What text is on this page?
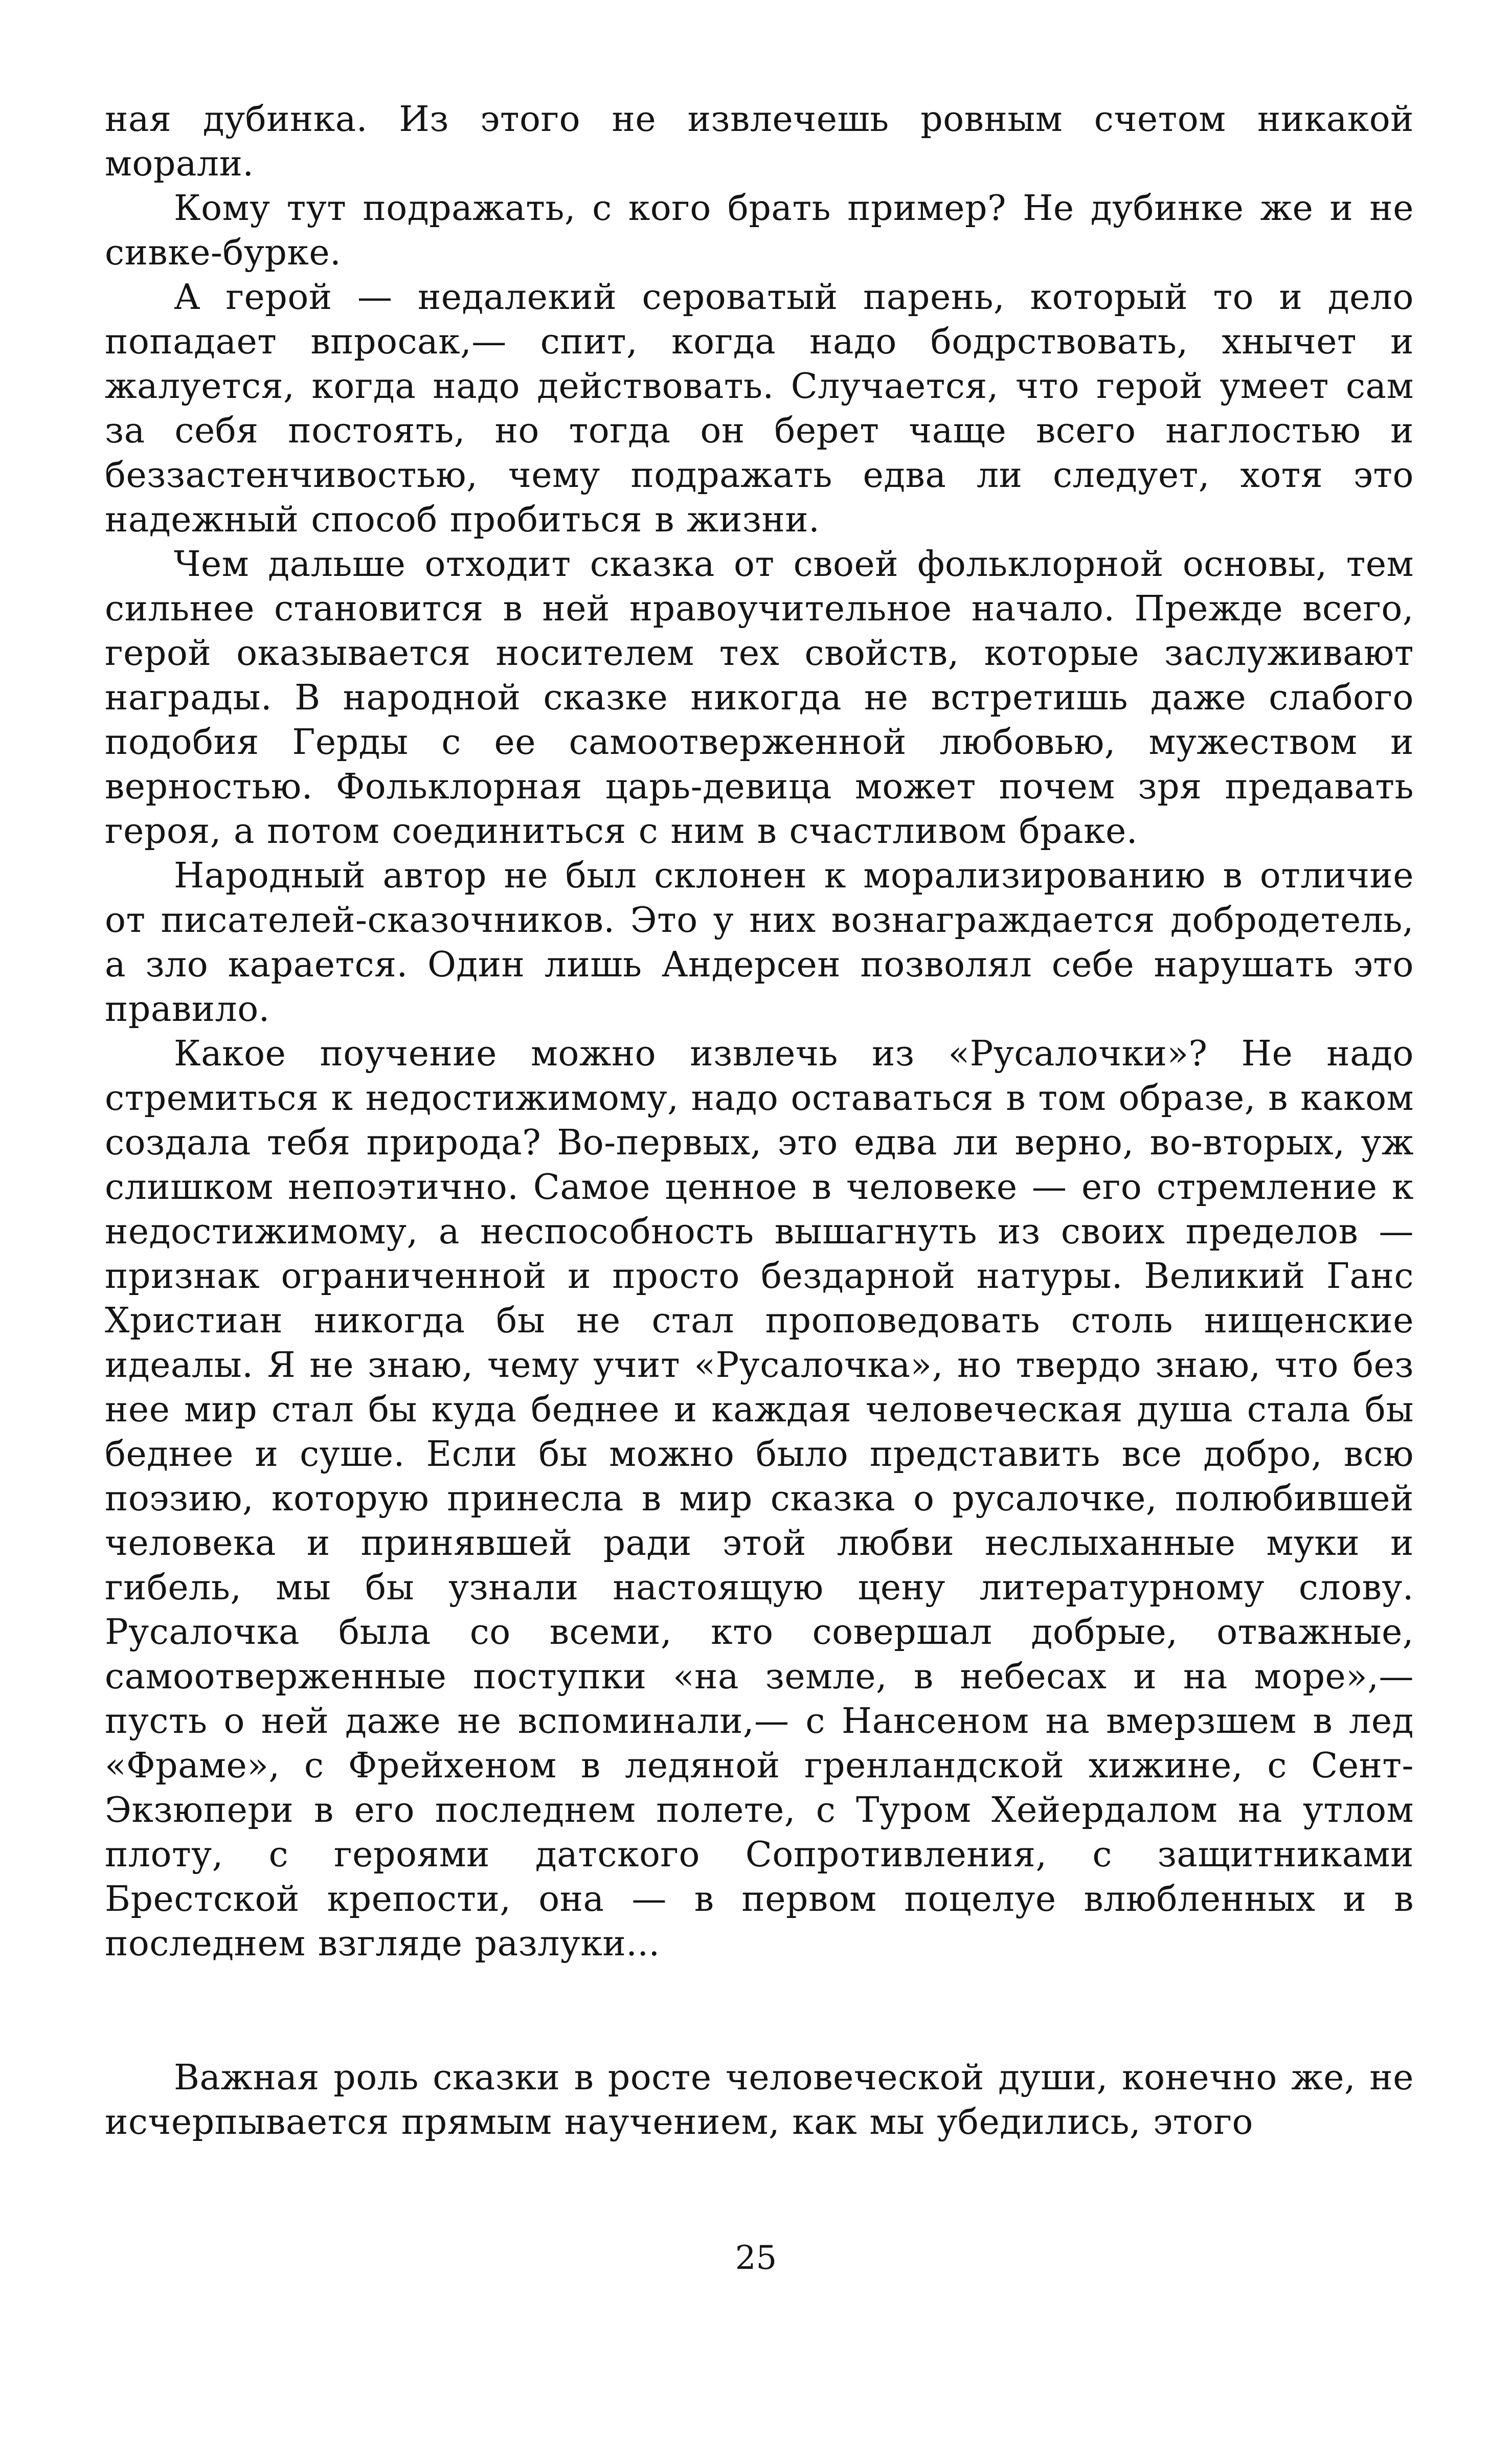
ная дубинка. Из этого не извлечешь ровным счетом никакой морали.

Кому тут подражать, с кого брать пример? Не дубинке же и не сивке-бурке.

А герой — недалекий сероватый парень, который то и дело попадает впросак,— спит, когда надо бодрствовать, хнычет и жалуется, когда надо действовать. Случается, что герой умеет сам за себя постоять, но тогда он берет чаще всего наглостью и беззастенчивостью, чему подражать едва ли следует, хотя это надежный способ пробиться в жизни.

Чем дальше отходит сказка от своей фольклорной основы, тем сильнее становится в ней нравоучительное начало. Прежде всего, герой оказывается носителем тех свойств, которые заслуживают награды. В народной сказке никогда не встретишь даже слабого подобия Герды с ее самоотверженной любовью, мужеством и верностью. Фольклорная царь-девица может почем зря предавать героя, а потом соединиться с ним в счастливом браке.

Народный автор не был склонен к морализированию в отличие от писателей-сказочников. Это у них вознаграждается добродетель, а зло карается. Один лишь Андерсен позволял себе нарушать это правило.

Какое поучение можно извлечь из «Русалочки»? Не надо стремиться к недостижимому, надо оставаться в том образе, в каком создала тебя природа? Во-первых, это едва ли верно, во-вторых, уж слишком непоэтично. Самое ценное в человеке — его стремление к недостижимому, а неспособность вышагнуть из своих пределов — признак ограниченной и просто бездарной натуры. Великий Ганс Христиан никогда бы не стал проповедовать столь нищенские идеалы. Я не знаю, чему учит «Русалочка», но твердо знаю, что без нее мир стал бы куда беднее и каждая человеческая душа стала бы беднее и суше. Если бы можно было представить все добро, всю поэзию, которую принесла в мир сказка о русалочке, полюбившей человека и принявшей ради этой любви неслыханные муки и гибель, мы бы узнали настоящую цену литературному слову. Русалочка была со всеми, кто совершал добрые, отважные, самоотверженные поступки «на земле, в небесах и на море»,— пусть о ней даже не вспоминали,— с Нансеном на вмерзшем в лед «Фраме», с Фрейхеном в ледяной гренландской хижине, с Сент-Экзюпери в его последнем полете, с Туром Хейердалом на утлом плоту, с героями датского Сопротивления, с защитниками Брестской крепости, она — в первом поцелуе влюбленных и в последнем взгляде разлуки...

Важная роль сказки в росте человеческой души, конечно же, не исчерпывается прямым научением, как мы убедились, этого

25
